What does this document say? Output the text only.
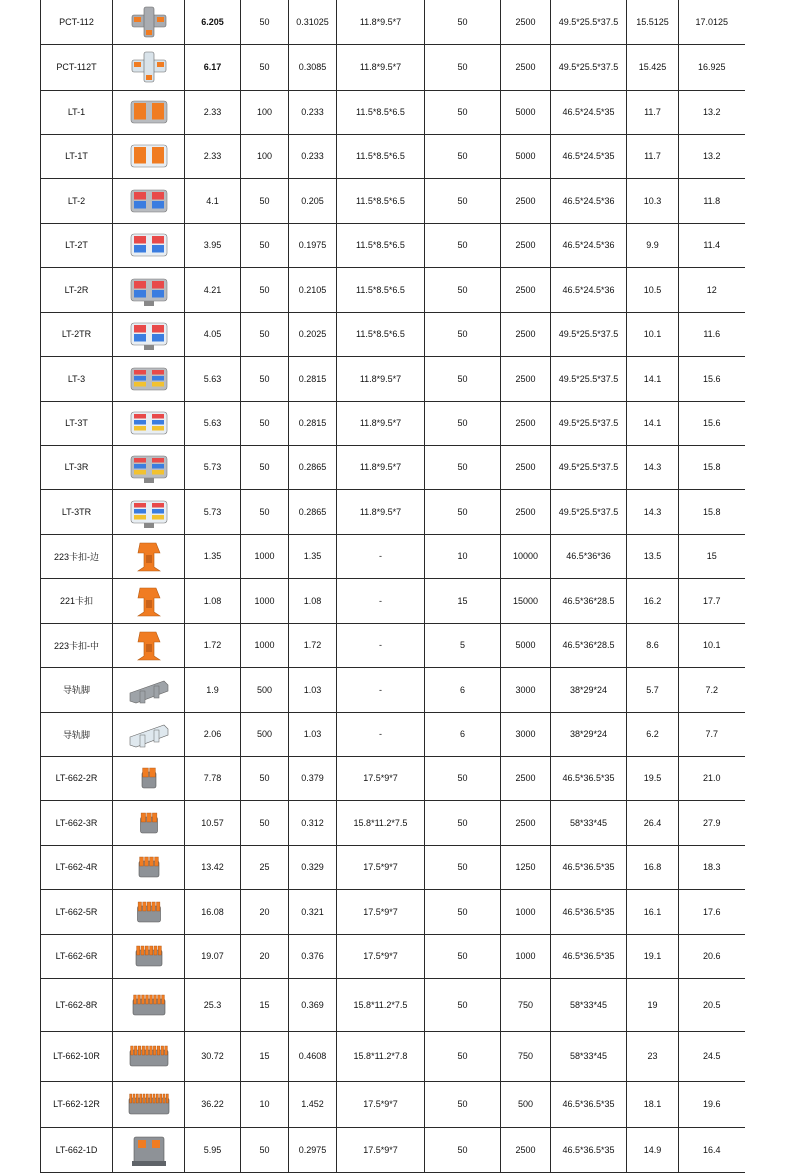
PCT-112		6.205	50	0.31025	11.8*9.5*7	50	2500	49.5*25.5*37.5	15.5125	17.0125
PCT-112T		6.17	50	0.3085	11.8*9.5*7	50	2500	49.5*25.5*37.5	15.425	16.925
LT-1		2.33	100	0.233	11.5*8.5*6.5	50	5000	46.5*24.5*35	11.7	13.2
LT-1T		2.33	100	0.233	11.5*8.5*6.5	50	5000	46.5*24.5*35	11.7	13.2
LT-2		4.1	50	0.205	11.5*8.5*6.5	50	2500	46.5*24.5*36	10.3	11.8
LT-2T		3.95	50	0.1975	11.5*8.5*6.5	50	2500	46.5*24.5*36	9.9	11.4
LT-2R		4.21	50	0.2105	11.5*8.5*6.5	50	2500	46.5*24.5*36	10.5	12
LT-2TR		4.05	50	0.2025	11.5*8.5*6.5	50	2500	49.5*25.5*37.5	10.1	11.6
LT-3		5.63	50	0.2815	11.8*9.5*7	50	2500	49.5*25.5*37.5	14.1	15.6
LT-3T		5.63	50	0.2815	11.8*9.5*7	50	2500	49.5*25.5*37.5	14.1	15.6
LT-3R		5.73	50	0.2865	11.8*9.5*7	50	2500	49.5*25.5*37.5	14.3	15.8
LT-3TR		5.73	50	0.2865	11.8*9.5*7	50	2500	49.5*25.5*37.5	14.3	15.8
223卡扣-边		1.35	1000	1.35	-	10	10000	46.5*36*36	13.5	15
221卡扣		1.08	1000	1.08	-	15	15000	46.5*36*28.5	16.2	17.7
223卡扣-中		1.72	1000	1.72	-	5	5000	46.5*36*28.5	8.6	10.1
导轨脚		1.9	500	1.03	-	6	3000	38*29*24	5.7	7.2
导轨脚		2.06	500	1.03	-	6	3000	38*29*24	6.2	7.7
LT-662-2R		7.78	50	0.379	17.5*9*7	50	2500	46.5*36.5*35	19.5	21.0
LT-662-3R		10.57	50	0.312	15.8*11.2*7.5	50	2500	58*33*45	26.4	27.9
LT-662-4R		13.42	25	0.329	17.5*9*7	50	1250	46.5*36.5*35	16.8	18.3
LT-662-5R		16.08	20	0.321	17.5*9*7	50	1000	46.5*36.5*35	16.1	17.6
LT-662-6R		19.07	20	0.376	17.5*9*7	50	1000	46.5*36.5*35	19.1	20.6
LT-662-8R		25.3	15	0.369	15.8*11.2*7.5	50	750	58*33*45	19	20.5
LT-662-10R		30.72	15	0.4608	15.8*11.2*7.8	50	750	58*33*45	23	24.5
LT-662-12R		36.22	10	1.452	17.5*9*7	50	500	46.5*36.5*35	18.1	19.6
LT-662-1D		5.95	50	0.2975	17.5*9*7	50	2500	46.5*36.5*35	14.9	16.4
